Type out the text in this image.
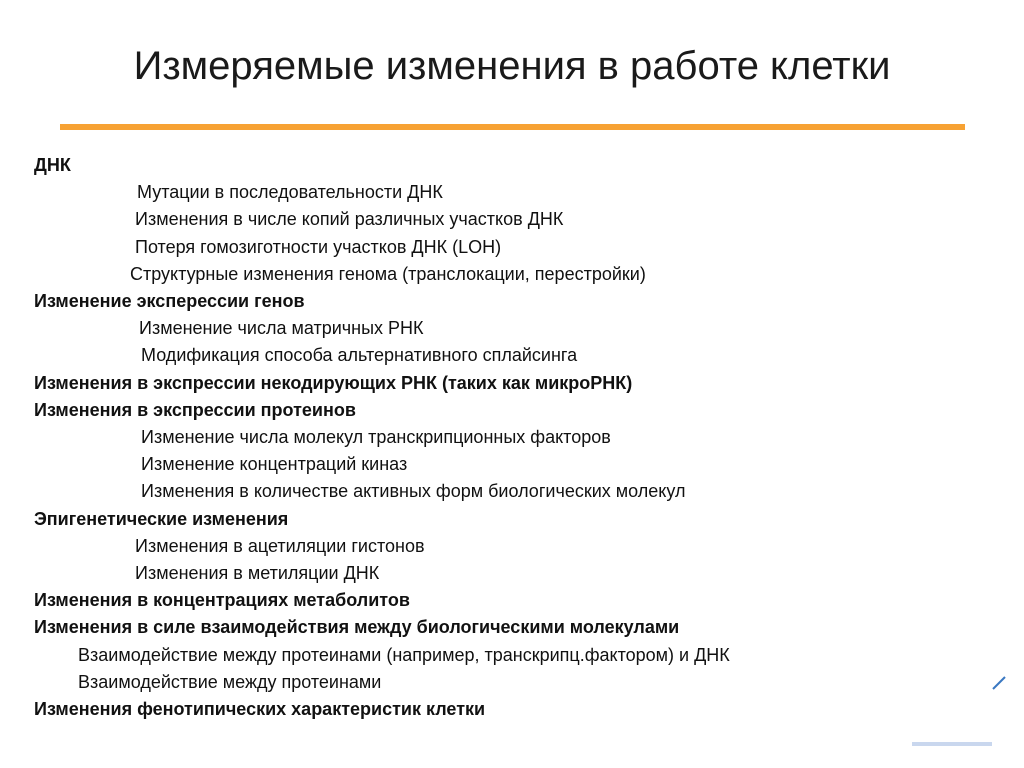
Измеряемые изменения в работе клетки
ДНК
Мутации в последовательности ДНК
Изменения в числе копий различных участков ДНК
Потеря гомозиготности участков ДНК (LOH)
Структурные изменения генома (транслокации, перестройки)
Изменение экспересcии генов
Изменение числа матричных РНК
Модификация способа альтернативного сплайсинга
Изменения в экспрессии некодирующих РНК (таких как микроРНК)
Изменения в экспрессии протеинов
Изменение числа молекул транскрипционных факторов
Изменение концентраций киназ
Изменения в количестве активных форм биологических молекул
Эпигенетические изменения
Изменения в ацетиляции гистонов
Изменения в метиляции ДНК
Изменения в концентрациях метаболитов
Изменения в силе взаимодействия между биологическими молекулами
Взаимодействие между протеинами (например, транскрипц.фактором) и ДНК
Взаимодействие между протеинами
Изменения фенотипических характеристик клетки
